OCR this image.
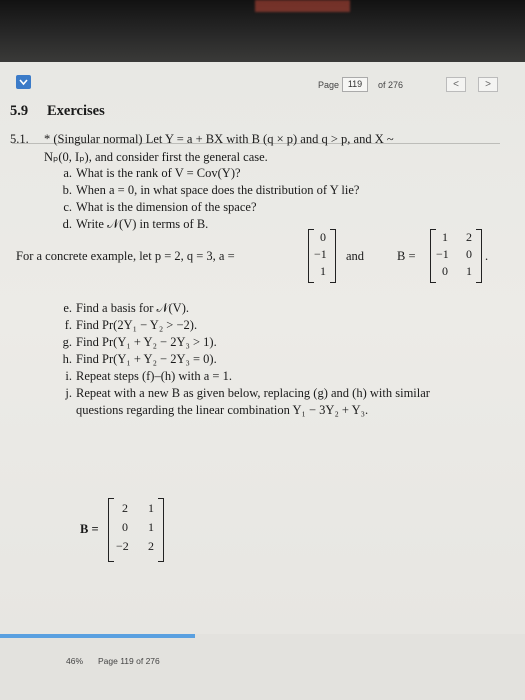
Page 119	of 276	<	>
46% Page 119 of 276
5.9 Exercises
5.1. * (Singular normal) Let Y = a + BX with B (q × p) and q > p, and X ~
Nₚ(0, Iₚ), and consider first the general case.
a. What is the rank of V = Cov(Y)?
b. When a = 0, in what space does the distribution of Y lie?
c. What is the dimension of the space?
d. Write 𝒩(V) in terms of B.
For a concrete example, let p = 2, q = 3, a =
0
−1
1
and	B =
1	2
−1	0
0	1
.
e. Find a basis for 𝒩(V).
f. Find Pr(2Y₁ − Y₂ > −2).
g. Find Pr(Y₁ + Y₂ − 2Y₃ > 1).
h. Find Pr(Y₁ + Y₂ − 2Y₃ = 0).
i. Repeat steps (f)–(h) with a = 1.
j. Repeat with a new B as given below, replacing (g) and (h) with similar
questions regarding the linear combination Y₁ − 3Y₂ + Y₃.
B =
2	1
0	1
−2	2
